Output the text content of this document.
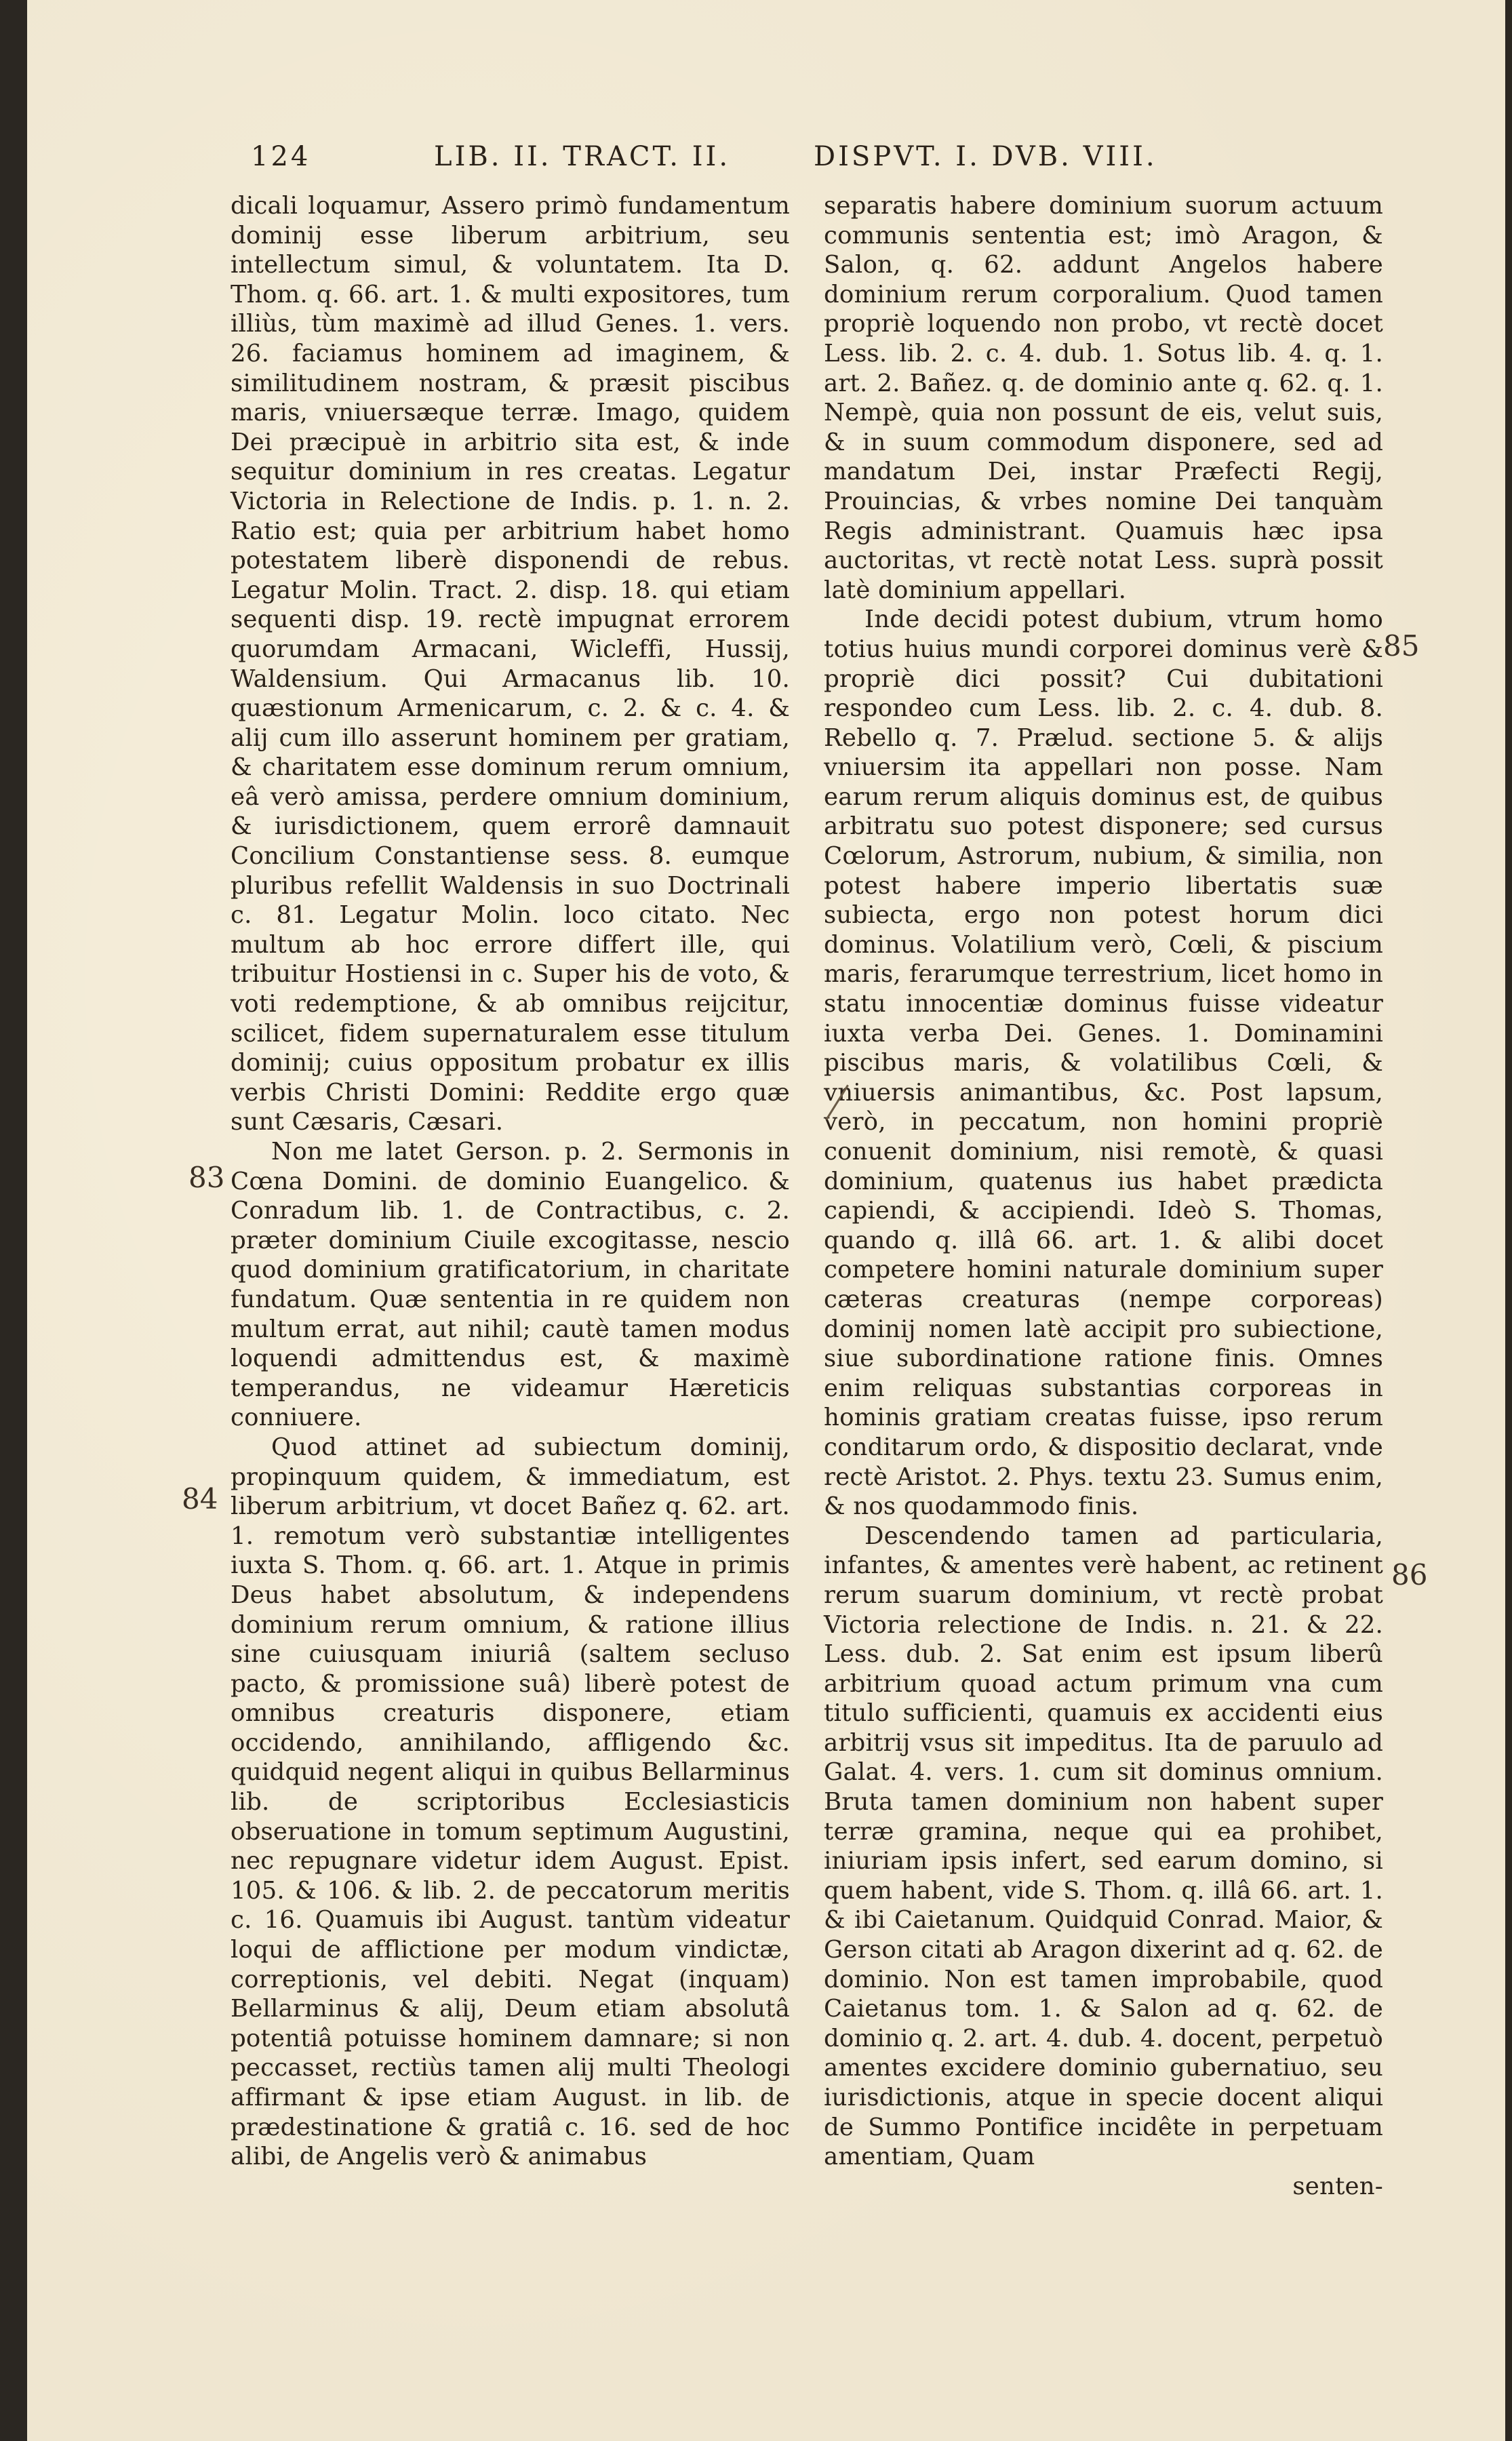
124	LIB. II. TRACT. II.	DISPVT. I. DVB. VIII.

dicali loquamur, Assero primò fundamentum dominij esse liberum arbitrium, seu intellectum simul, & voluntatem. Ita D. Thom. q. 66. art. 1. & multi expositores, tum illiùs, tùm maximè ad illud Genes. 1. vers. 26. faciamus hominem ad imaginem, & similitudinem nostram, & præsit piscibus maris, vniuersæque terræ. Imago, quidem Dei præcipuè in arbitrio sita est, & inde sequitur dominium in res creatas. Legatur Victoria in Relectione de Indis. p. 1. n. 2. Ratio est; quia per arbitrium habet homo potestatem liberè disponendi de rebus. Legatur Molin. Tract. 2. disp. 18. qui etiam sequenti disp. 19. rectè impugnat errorem quorumdam Armacani, Wicleffi, Hussij, Waldensium. Qui Armacanus lib. 10. quæstionum Armenicarum, c. 2. & c. 4. & alij cum illo asserunt hominem per gratiam, & charitatem esse dominum rerum omnium, eâ verò amissa, perdere omnium dominium, & iurisdictionem, quem errorê damnauit Concilium Constantiense sess. 8. eumque pluribus refellit Waldensis in suo Doctrinali c. 81. Legatur Molin. loco citato. Nec multum ab hoc errore differt ille, qui tribuitur Hostiensi in c. Super his de voto, & voti redemptione, & ab omnibus reijcitur, scilicet, fidem supernaturalem esse titulum dominij; cuius oppositum probatur ex illis verbis Christi Domini: Reddite ergo quæ sunt Cæsaris, Cæsari.

Non me latet Gerson. p. 2. Sermonis in Cœna Domini. de dominio Euangelico. & Conradum lib. 1. de Contractibus, c. 2. præter dominium Ciuile excogitasse, nescio quod dominium gratificatorium, in charitate fundatum. Quæ sententia in re quidem non multum errat, aut nihil; cautè tamen modus loquendi admittendus est, & maximè temperandus, ne videamur Hæreticis conniuere.

Quod attinet ad subiectum dominij, propinquum quidem, & immediatum, est liberum arbitrium, vt docet Bañez q. 62. art. 1. remotum verò substantiæ intelligentes iuxta S. Thom. q. 66. art. 1. Atque in primis Deus habet absolutum, & independens dominium rerum omnium, & ratione illius sine cuiusquam iniuriâ (saltem secluso pacto, & promissione suâ) liberè potest de omnibus creaturis disponere, etiam occidendo, annihilando, affligendo &c. quidquid negent aliqui in quibus Bellarminus lib. de scriptoribus Ecclesiasticis obseruatione in tomum septimum Augustini, nec repugnare videtur idem August. Epist. 105. & 106. & lib. 2. de peccatorum meritis c. 16. Quamuis ibi August. tantùm videatur loqui de afflictione per modum vindictæ, correptionis, vel debiti. Negat (inquam) Bellarminus & alij, Deum etiam absolutâ potentiâ potuisse hominem damnare; si non peccasset, rectiùs tamen alij multi Theologi affirmant & ipse etiam August. in lib. de prædestinatione & gratiâ c. 16. sed de hoc alibi, de Angelis verò & animabus

separatis habere dominium suorum actuum communis sententia est; imò Aragon, & Salon, q. 62. addunt Angelos habere dominium rerum corporalium. Quod tamen propriè loquendo non probo, vt rectè docet Less. lib. 2. c. 4. dub. 1. Sotus lib. 4. q. 1. art. 2. Bañez. q. de dominio ante q. 62. q. 1. Nempè, quia non possunt de eis, velut suis, & in suum commodum disponere, sed ad mandatum Dei, instar Præfecti Regij, Prouincias, & vrbes nomine Dei tanquàm Regis administrant. Quamuis hæc ipsa auctoritas, vt rectè notat Less. suprà possit latè dominium appellari.

Inde decidi potest dubium, vtrum homo totius huius mundi corporei dominus verè & propriè dici possit? Cui dubitationi respondeo cum Less. lib. 2. c. 4. dub. 8. Rebello q. 7. Prælud. sectione 5. & alijs vniuersim ita appellari non posse. Nam earum rerum aliquis dominus est, de quibus arbitratu suo potest disponere; sed cursus Cœlorum, Astrorum, nubium, & similia, non potest habere imperio libertatis suæ subiecta, ergo non potest horum dici dominus. Volatilium verò, Cœli, & piscium maris, ferarumque terrestrium, licet homo in statu innocentiæ dominus fuisse videatur iuxta verba Dei. Genes. 1. Dominamini piscibus maris, & volatilibus Cœli, & vniuersis animantibus, &c. Post lapsum, verò, in peccatum, non homini propriè conuenit dominium, nisi remotè, & quasi dominium, quatenus ius habet prædicta capiendi, & accipiendi. Ideò S. Thomas, quando q. illâ 66. art. 1. & alibi docet competere homini naturale dominium super cæteras creaturas (nempe corporeas) dominij nomen latè accipit pro subiectione, siue subordinatione ratione finis. Omnes enim reliquas substantias corporeas in hominis gratiam creatas fuisse, ipso rerum conditarum ordo, & dispositio declarat, vnde rectè Aristot. 2. Phys. textu 23. Sumus enim, & nos quodammodo finis.

Descendendo tamen ad particularia, infantes, & amentes verè habent, ac retinent rerum suarum dominium, vt rectè probat Victoria relectione de Indis. n. 21. & 22. Less. dub. 2. Sat enim est ipsum liberû arbitrium quoad actum primum vna cum titulo sufficienti, quamuis ex accidenti eius arbitrij vsus sit impeditus. Ita de paruulo ad Galat. 4. vers. 1. cum sit dominus omnium. Bruta tamen dominium non habent super terræ gramina, neque qui ea prohibet, iniuriam ipsis infert, sed earum domino, si quem habent, vide S. Thom. q. illâ 66. art. 1. & ibi Caietanum. Quidquid Conrad. Maior, & Gerson citati ab Aragon dixerint ad q. 62. de dominio. Non est tamen improbabile, quod Caietanus tom. 1. & Salon ad q. 62. de dominio q. 2. art. 4. dub. 4. docent, perpetuò amentes excidere dominio gubernatiuo, seu iurisdictionis, atque in specie docent aliqui de Summo Pontifice incidête in perpetuam amentiam, Quam

senten-

83
84
85
86
